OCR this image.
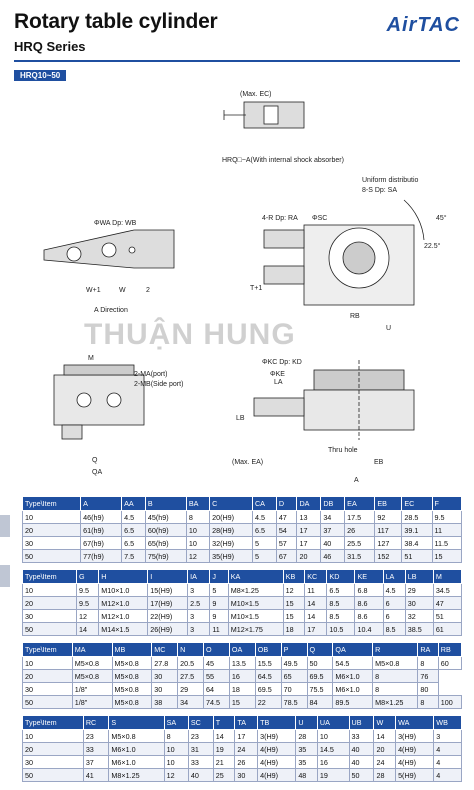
Rotary table cylinder
HRQ Series
AirTAC
HRQ10~50
(Max. EC)
HRQ□−A(With internal shock absorber)
ΦWA Dp: WB
A Direction
W+1	W	2
Uniform distributio
8-S Dp: SA
4-R Dp: RA ΦSC	45°
22.5°
RB
T+1
U
ΦKC Dp: KD
ΦKE
2-MA(port)
2-MB(Side port)
M
Thru hole
(Max. EA)	EB
A
LA
LB
Q
QA
THUẬN HUNG
Type\Item	A	AA	B	BA	C	CA	D	DA	DB	EA	EB	EC	F
10	46(h9)	4.5	45(h9)	8	20(H9)	4.5	47	13	34	17.5	92	28.5	9.5
20	61(h9)	6.5	60(h9)	10	28(H9)	6.5	54	17	37	26	117	39.1	11
30	67(h9)	6.5	65(h9)	10	32(H9)	5	57	17	40	25.5	127	38.4	11.5
50	77(h9)	7.5	75(h9)	12	35(H9)	5	67	20	46	31.5	152	51	15
Type\Item	G	H	I	IA	J	KA	KB	KC	KD	KE	LA	LB	M
10	9.5	M10×1.0	15(H9)	3	5	M8×1.25	12	11	6.5	6.8	4.5	29	34.5
20	9.5	M12×1.0	17(H9)	2.5	9	M10×1.5	15	14	8.5	8.6	6	30	47
30	12	M12×1.0	22(H9)	3	9	M10×1.5	15	14	8.5	8.6	6	32	51
50	14	M14×1.5	26(H9)	3	11	M12×1.75	18	17	10.5	10.4	8.5	38.5	61
Type\Item	MA	MB	MC	N	O	OA	OB	P	Q	QA	R	RA	RB
10	M5×0.8	M5×0.8	27.8	20.5	45	13.5	15.5	49.5	50	54.5	M5×0.8	8	60
20	M5×0.8	M5×0.8	30	27.5	55	16	64.5	65	69.5	M6×1.0	8	76	
30	1/8"	M5×0.8	30	29	64	18	69.5	70	75.5	M6×1.0	8	80	
50	1/8"	M5×0.8	38	34	74.5	15	22	78.5	84	89.5	M8×1.25	8	100
Type\Item	RC	S	SA	SC	T	TA	TB	U	UA	UB	W	WA	WB
10	23	M5×0.8	8	23	14	17	3(H9)	28	10	33	14	3(H9)	3
20	33	M6×1.0	10	31	19	24	4(H9)	35	14.5	40	20	4(H9)	4
30	37	M6×1.0	10	33	21	26	4(H9)	35	16	40	24	4(H9)	4
50	41	M8×1.25	12	40	25	30	4(H9)	48	19	50	28	5(H9)	4
